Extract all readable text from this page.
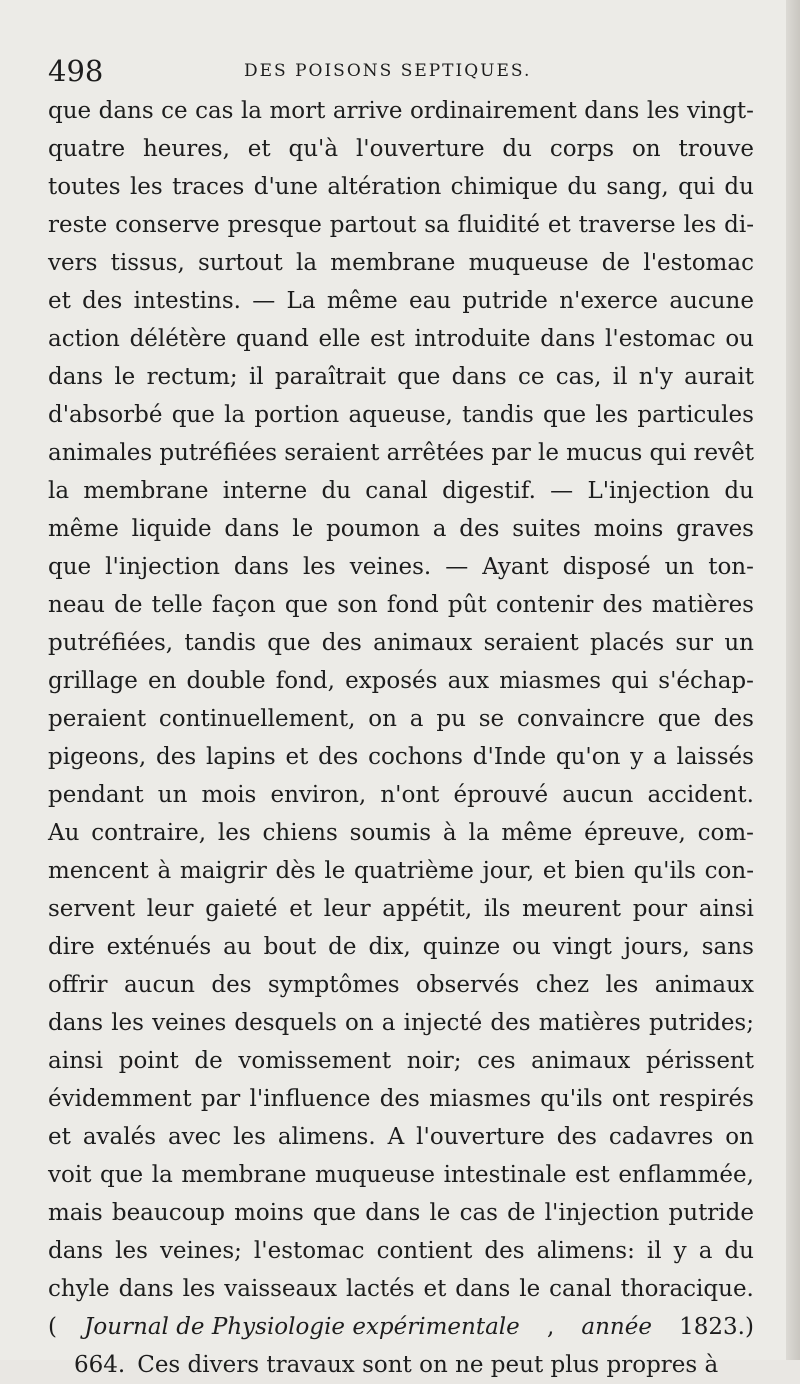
498	DES POISONS SEPTIQUES.
que dans ce cas la mort arrive ordinairement dans les vingt-
quatre heures, et qu'à l'ouverture du corps on trouve
toutes les traces d'une altération chimique du sang, qui du
reste conserve presque partout sa fluidité et traverse les di-
vers tissus, surtout la membrane muqueuse de l'estomac
et des intestins. — La même eau putride n'exerce aucune
action délétère quand elle est introduite dans l'estomac ou
dans le rectum; il paraîtrait que dans ce cas, il n'y aurait
d'absorbé que la portion aqueuse, tandis que les particules
animales putréfiées seraient arrêtées par le mucus qui revêt
la membrane interne du canal digestif. — L'injection du
même liquide dans le poumon a des suites moins graves
que l'injection dans les veines. — Ayant disposé un ton-
neau de telle façon que son fond pût contenir des matières
putréfiées, tandis que des animaux seraient placés sur un
grillage en double fond, exposés aux miasmes qui s'échap-
peraient continuellement, on a pu se convaincre que des
pigeons, des lapins et des cochons d'Inde qu'on y a laissés
pendant un mois environ, n'ont éprouvé aucun accident.
Au contraire, les chiens soumis à la même épreuve, com-
mencent à maigrir dès le quatrième jour, et bien qu'ils con-
servent leur gaieté et leur appétit, ils meurent pour ainsi
dire exténués au bout de dix, quinze ou vingt jours, sans
offrir aucun des symptômes observés chez les animaux
dans les veines desquels on a injecté des matières putrides;
ainsi point de vomissement noir; ces animaux périssent
évidemment par l'influence des miasmes qu'ils ont respirés
et avalés avec les alimens. A l'ouverture des cadavres on
voit que la membrane muqueuse intestinale est enflammée,
mais beaucoup moins que dans le cas de l'injection putride
dans les veines; l'estomac contient des alimens: il y a du
chyle dans les vaisseaux lactés et dans le canal thoracique.
( Journal de Physiologie expérimentale , année 1823.)
664. Ces divers travaux sont on ne peut plus propres à
